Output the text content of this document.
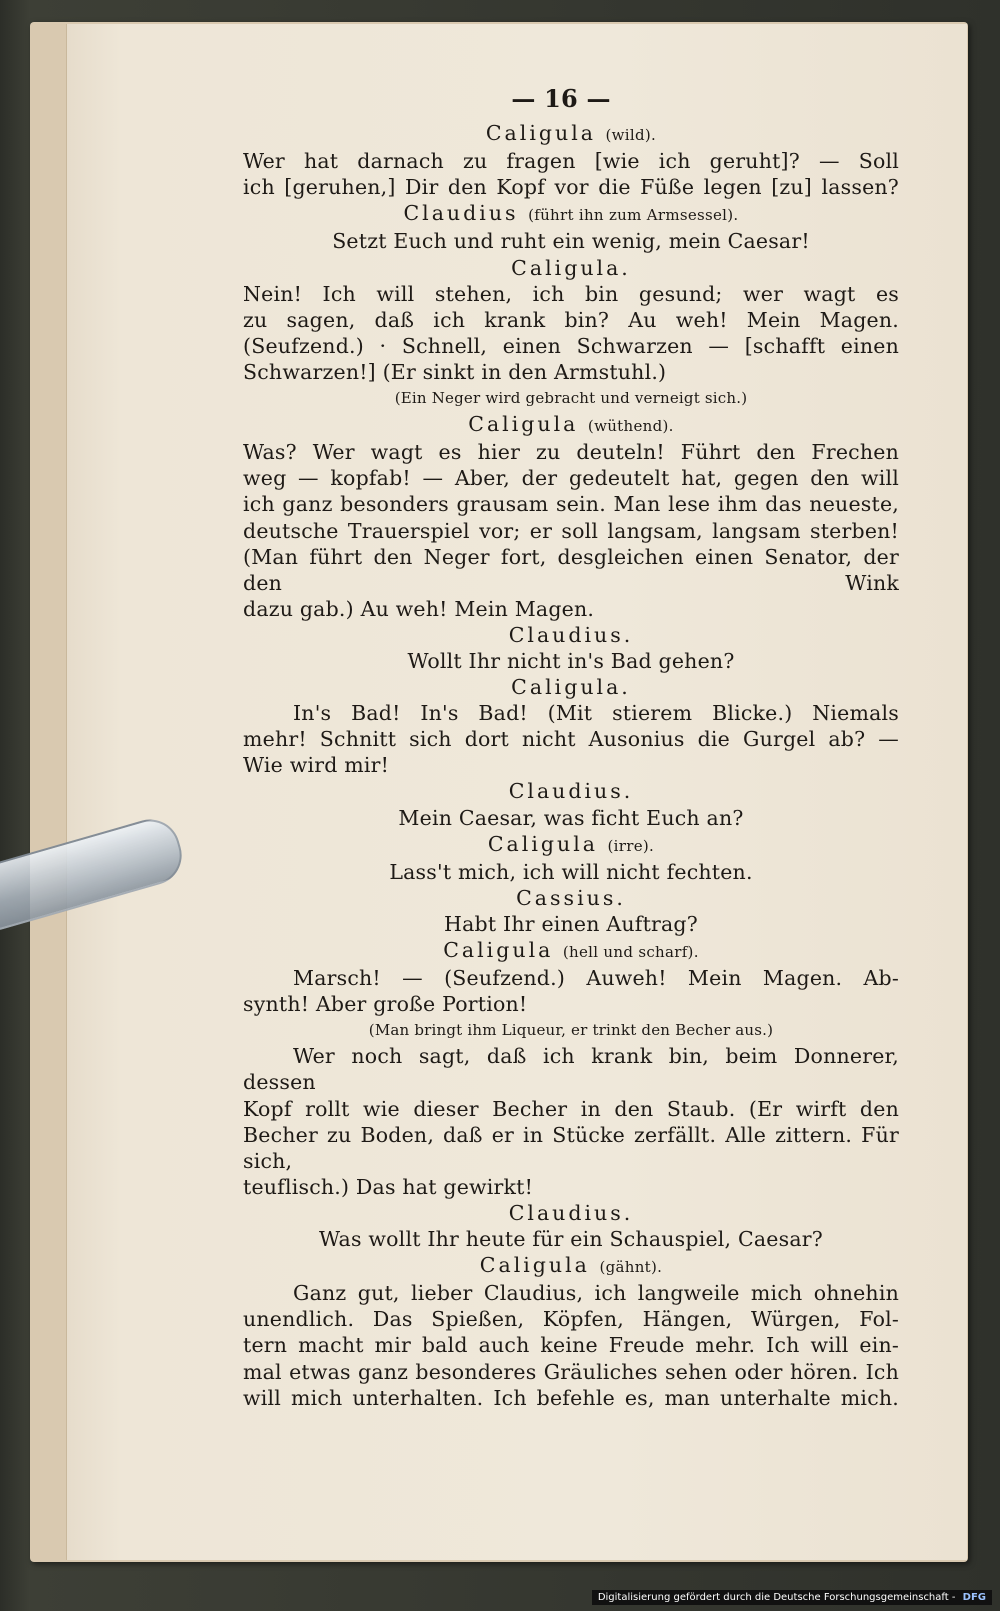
— 16 —
Caligula (wild).
Wer hat darnach zu fragen [wie ich geruht]? — Soll
ich [geruhen,] Dir den Kopf vor die Füße legen [zu] lassen?
Claudius (führt ihn zum Armsessel).
Setzt Euch und ruht ein wenig, mein Caesar!
Caligula.
Nein! Ich will stehen, ich bin gesund; wer wagt es
zu sagen, daß ich krank bin? Au weh! Mein Magen.
(Seufzend.) · Schnell, einen Schwarzen — [schafft einen
Schwarzen!] (Er sinkt in den Armstuhl.)
(Ein Neger wird gebracht und verneigt sich.)
Caligula (wüthend).
Was? Wer wagt es hier zu deuteln! Führt den Frechen
weg — kopfab! — Aber, der gedeutelt hat, gegen den will
ich ganz besonders grausam sein. Man lese ihm das neueste,
deutsche Trauerspiel vor; er soll langsam, langsam sterben!
(Man führt den Neger fort, desgleichen einen Senator, der den Wink
dazu gab.) Au weh! Mein Magen.
Claudius.
Wollt Ihr nicht in's Bad gehen?
Caligula.
In's Bad! In's Bad! (Mit stierem Blicke.) Niemals
mehr! Schnitt sich dort nicht Ausonius die Gurgel ab? —
Wie wird mir!
Claudius.
Mein Caesar, was ficht Euch an?
Caligula (irre).
Lass't mich, ich will nicht fechten.
Cassius.
Habt Ihr einen Auftrag?
Caligula (hell und scharf).
Marsch! — (Seufzend.) Auweh! Mein Magen. Ab-
synth! Aber große Portion!
(Man bringt ihm Liqueur, er trinkt den Becher aus.)
Wer noch sagt, daß ich krank bin, beim Donnerer, dessen
Kopf rollt wie dieser Becher in den Staub. (Er wirft den
Becher zu Boden, daß er in Stücke zerfällt. Alle zittern. Für sich,
teuflisch.) Das hat gewirkt!
Claudius.
Was wollt Ihr heute für ein Schauspiel, Caesar?
Caligula (gähnt).
Ganz gut, lieber Claudius, ich langweile mich ohnehin
unendlich. Das Spießen, Köpfen, Hängen, Würgen, Fol-
tern macht mir bald auch keine Freude mehr. Ich will ein-
mal etwas ganz besonderes Gräuliches sehen oder hören. Ich
will mich unterhalten. Ich befehle es, man unterhalte mich.
Digitalisierung gefördert durch die Deutsche Forschungsgemeinschaft - DFG
